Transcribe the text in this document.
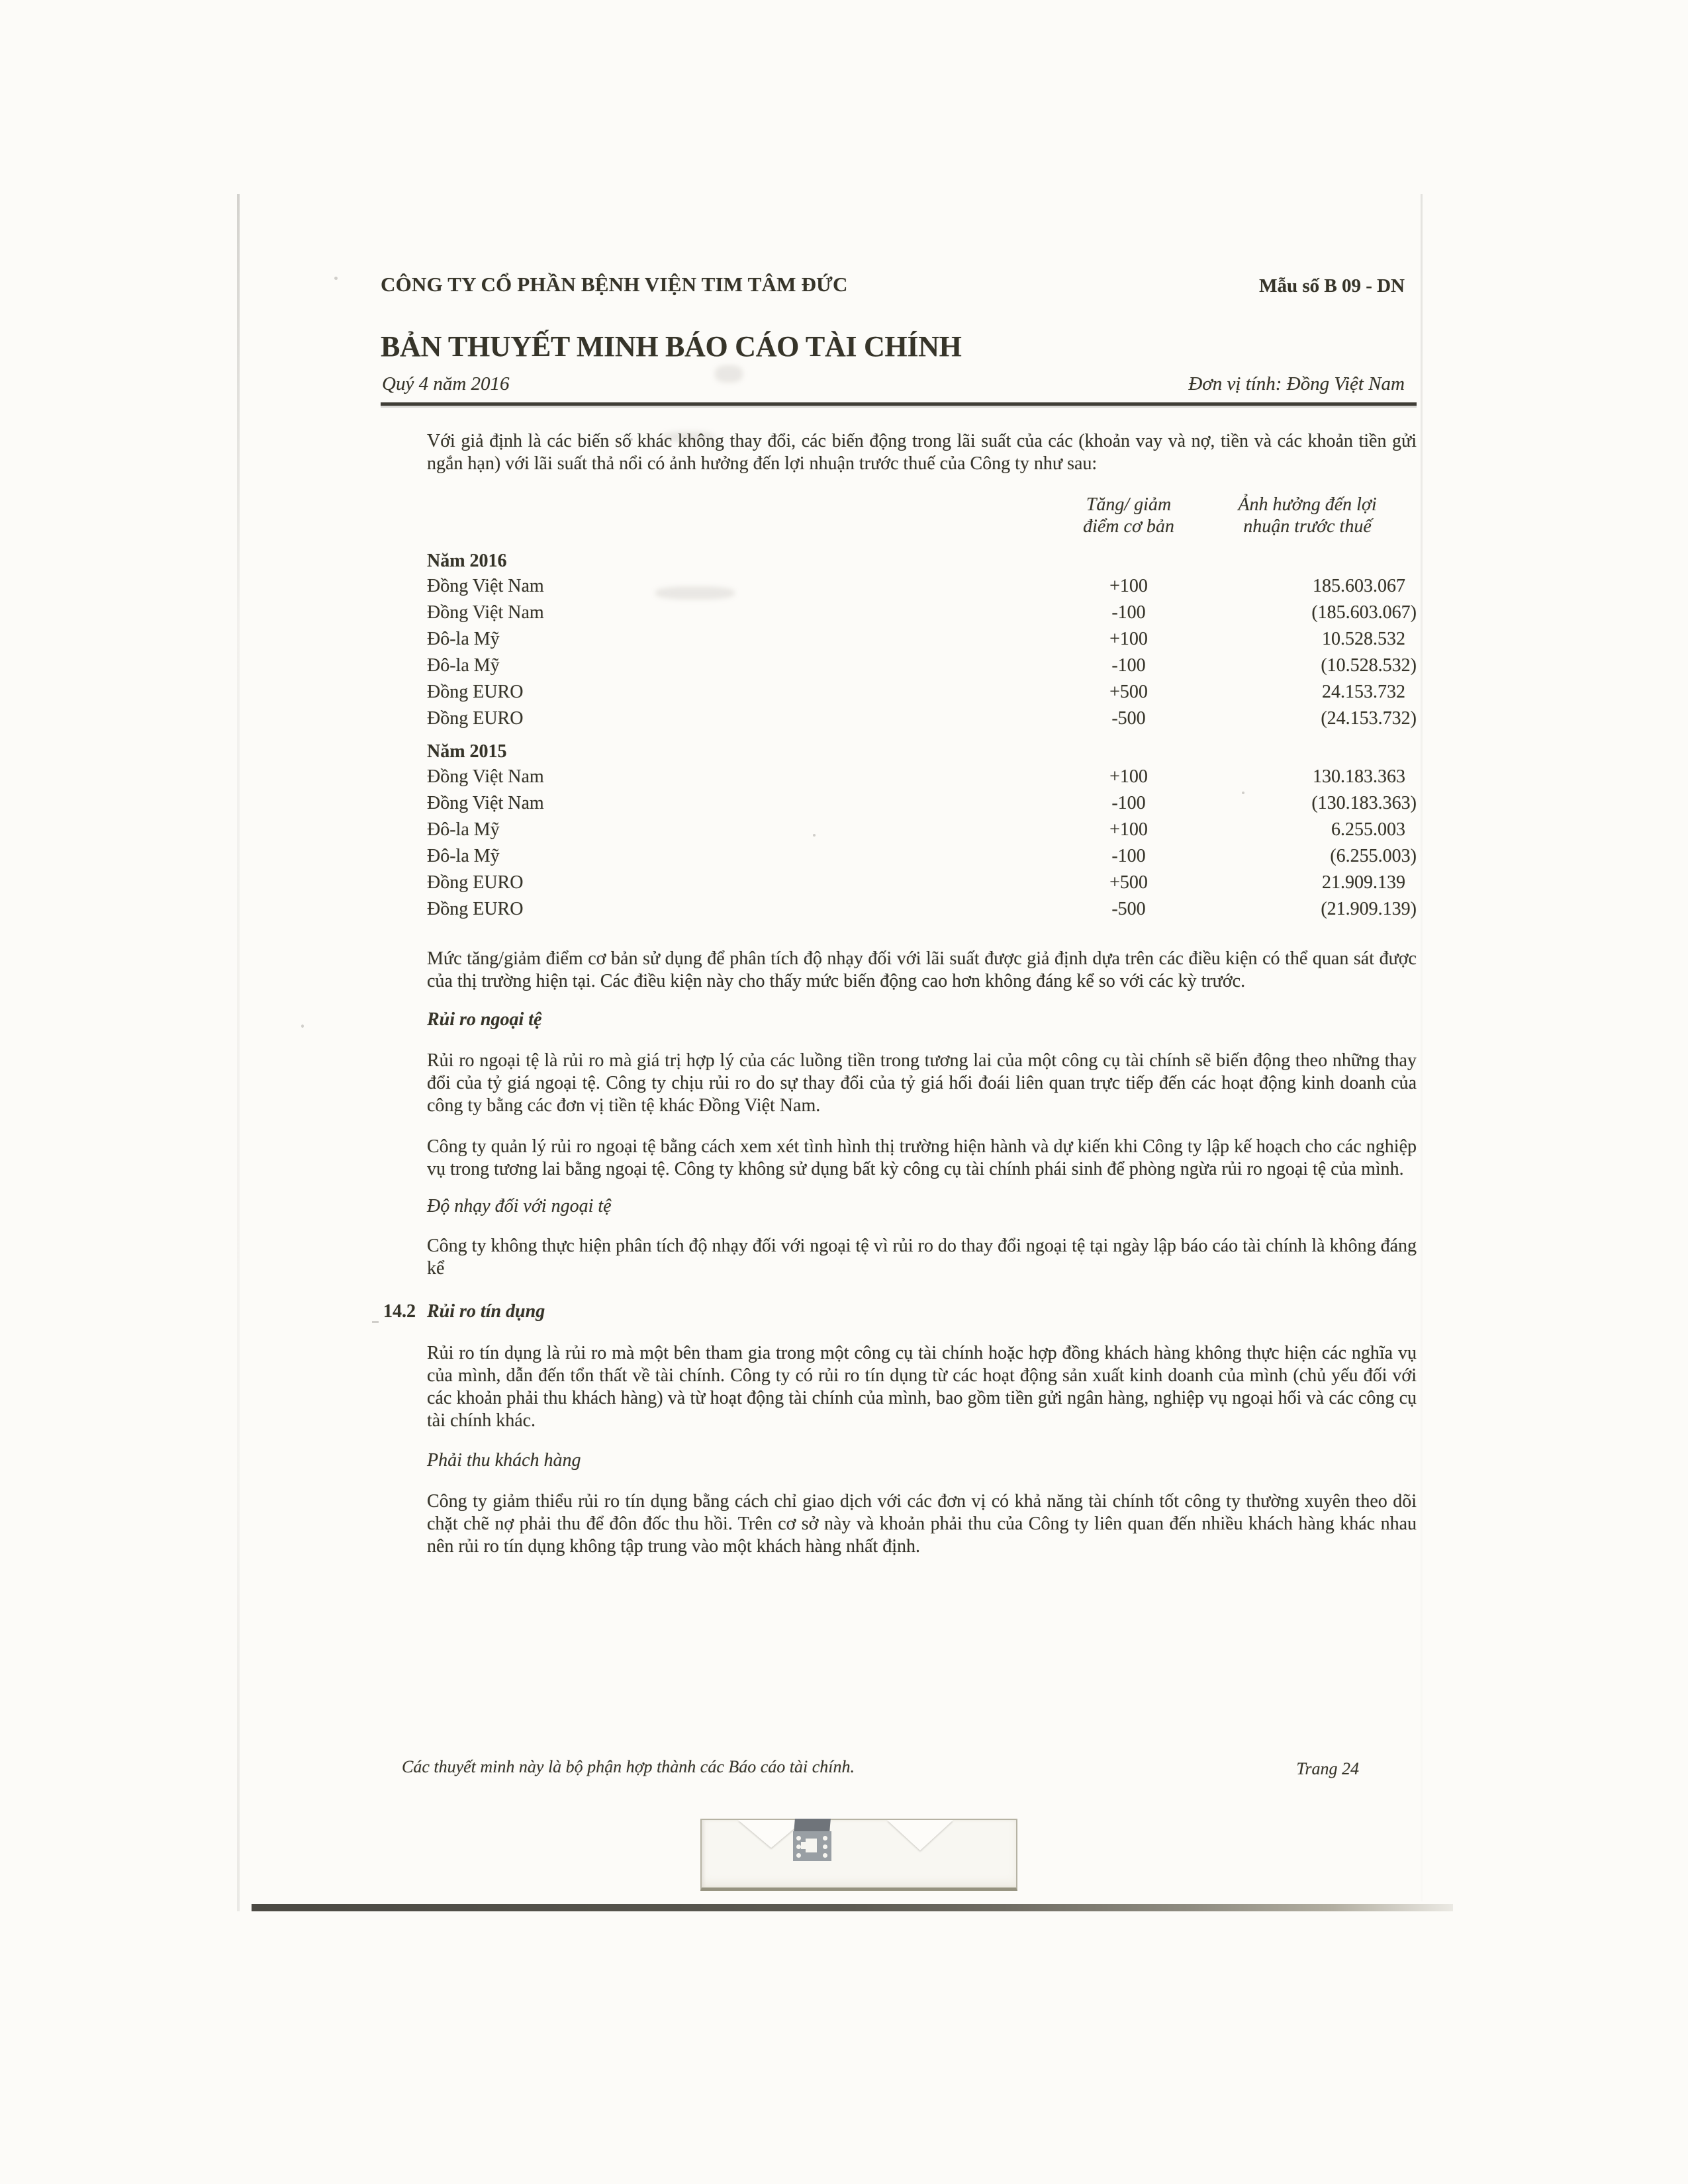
CÔNG TY CỔ PHẦN BỆNH VIỆN TIM TÂM ĐỨC	Mẫu số B 09 - DN
BẢN THUYẾT MINH BÁO CÁO TÀI CHÍNH
Quý 4 năm 2016	Đơn vị tính: Đồng Việt Nam

Với giả định là các biến số khác không thay đổi, các biến động trong lãi suất của các (khoản vay và nợ, tiền và các khoản tiền gửi ngắn hạn) với lãi suất thả nổi có ảnh hưởng đến lợi nhuận trước thuế của Công ty như sau:

Tăng/ giảm
điểm cơ bản
Ảnh hưởng đến lợi
nhuận trước thuế
Năm 2016
Đồng Việt Nam	+100	185.603.067
Đồng Việt Nam	-100	(185.603.067)
Đô-la Mỹ	+100	10.528.532
Đô-la Mỹ	-100	(10.528.532)
Đồng EURO	+500	24.153.732
Đồng EURO	-500	(24.153.732)
Năm 2015
Đồng Việt Nam	+100	130.183.363
Đồng Việt Nam	-100	(130.183.363)
Đô-la Mỹ	+100	6.255.003
Đô-la Mỹ	-100	(6.255.003)
Đồng EURO	+500	21.909.139
Đồng EURO	-500	(21.909.139)

Mức tăng/giảm điểm cơ bản sử dụng để phân tích độ nhạy đối với lãi suất được giả định dựa trên các điều kiện có thể quan sát được của thị trường hiện tại. Các điều kiện này cho thấy mức biến động cao hơn không đáng kể so với các kỳ trước.

Rủi ro ngoại tệ

Rủi ro ngoại tệ là rủi ro mà giá trị hợp lý của các luồng tiền trong tương lai của một công cụ tài chính sẽ biến động theo những thay đổi của tỷ giá ngoại tệ. Công ty chịu rủi ro do sự thay đổi của tỷ giá hối đoái liên quan trực tiếp đến các hoạt động kinh doanh của công ty bằng các đơn vị tiền tệ khác Đồng Việt Nam.

Công ty quản lý rủi ro ngoại tệ bằng cách xem xét tình hình thị trường hiện hành và dự kiến khi Công ty lập kế hoạch cho các nghiệp vụ trong tương lai bằng ngoại tệ. Công ty không sử dụng bất kỳ công cụ tài chính phái sinh để phòng ngừa rủi ro ngoại tệ của mình.

Độ nhạy đối với ngoại tệ

Công ty không thực hiện phân tích độ nhạy đối với ngoại tệ vì rủi ro do thay đổi ngoại tệ tại ngày lập báo cáo tài chính là không đáng kể

14.2 Rủi ro tín dụng

Rủi ro tín dụng là rủi ro mà một bên tham gia trong một công cụ tài chính hoặc hợp đồng khách hàng không thực hiện các nghĩa vụ của mình, dẫn đến tổn thất về tài chính. Công ty có rủi ro tín dụng từ các hoạt động sản xuất kinh doanh của mình (chủ yếu đối với các khoản phải thu khách hàng) và từ hoạt động tài chính của mình, bao gồm tiền gửi ngân hàng, nghiệp vụ ngoại hối và các công cụ tài chính khác.

Phải thu khách hàng

Công ty giảm thiểu rủi ro tín dụng bằng cách chỉ giao dịch với các đơn vị có khả năng tài chính tốt công ty thường xuyên theo dõi chặt chẽ nợ phải thu để đôn đốc thu hồi. Trên cơ sở này và khoản phải thu của Công ty liên quan đến nhiều khách hàng khác nhau nên rủi ro tín dụng không tập trung vào một khách hàng nhất định.

Các thuyết minh này là bộ phận hợp thành các Báo cáo tài chính.	Trang 24
